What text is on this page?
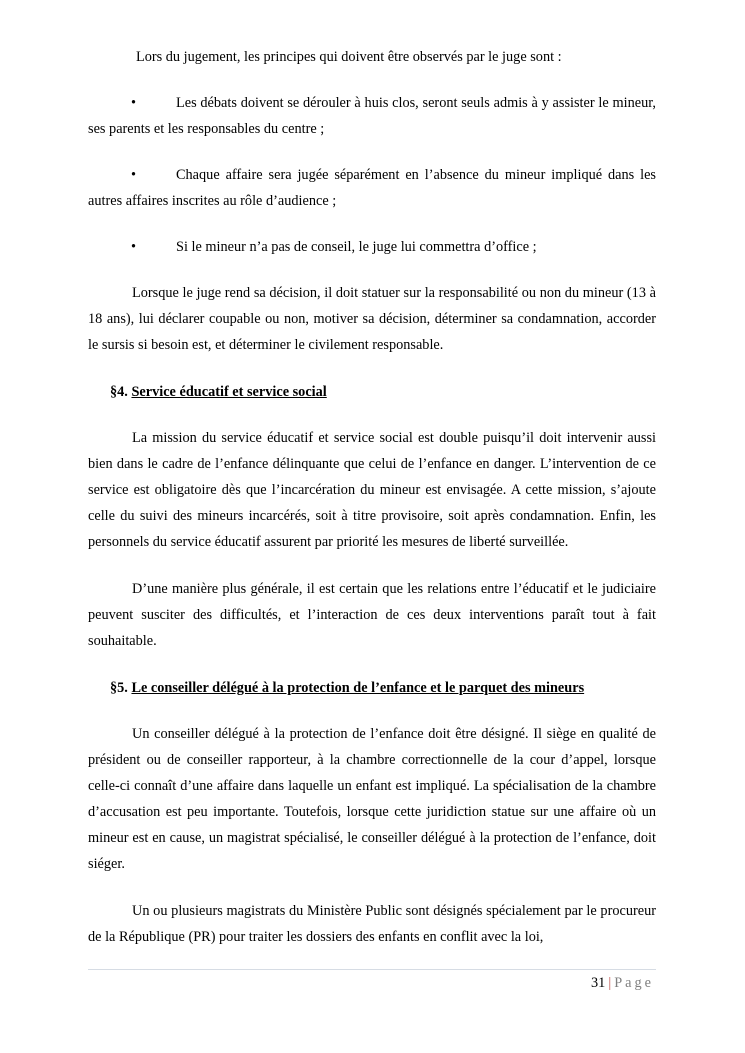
Lors du jugement, les principes qui doivent être observés par le juge sont :

•	Les débats doivent se dérouler à huis clos, seront seuls admis à y assister le mineur, ses parents et les responsables du centre ;

•	Chaque affaire sera jugée séparément en l’absence du mineur impliqué dans les autres affaires inscrites au rôle d’audience ;

•	Si le mineur n’a pas de conseil, le juge lui commettra d’office ;

Lorsque le juge rend sa décision, il doit statuer sur la responsabilité ou non du mineur (13 à 18 ans), lui déclarer coupable ou non, motiver sa décision, déterminer sa condamnation, accorder le sursis si besoin est, et déterminer le civilement responsable.

§4. Service éducatif et service social

La mission du service éducatif et service social est double puisqu’il doit intervenir aussi bien dans le cadre de l’enfance délinquante que celui de l’enfance en danger. L’intervention de ce service est obligatoire dès que l’incarcération du mineur est envisagée. A cette mission, s’ajoute celle du suivi des mineurs incarcérés, soit à titre provisoire, soit après condamnation. Enfin, les personnels du service éducatif assurent par priorité les mesures de liberté surveillée.

D’une manière plus générale, il est certain que les relations entre l’éducatif et le judiciaire peuvent susciter des difficultés, et l’interaction de ces deux interventions paraît tout à fait souhaitable.

§5. Le conseiller délégué à la protection de l’enfance et le parquet des mineurs

Un conseiller délégué à la protection de l’enfance doit être désigné. Il siège en qualité de président ou de conseiller rapporteur, à la chambre correctionnelle de la cour d’appel, lorsque celle-ci connaît d’une affaire dans laquelle un enfant est impliqué. La spécialisation de la chambre d’accusation est peu importante. Toutefois, lorsque cette juridiction statue sur une affaire où un mineur est en cause, un magistrat spécialisé, le conseiller délégué à la protection de l’enfance, doit siéger.

Un ou plusieurs magistrats du Ministère Public sont désignés spécialement par le procureur de la République (PR) pour traiter les dossiers des enfants en conflit avec la loi,

31 | Page
